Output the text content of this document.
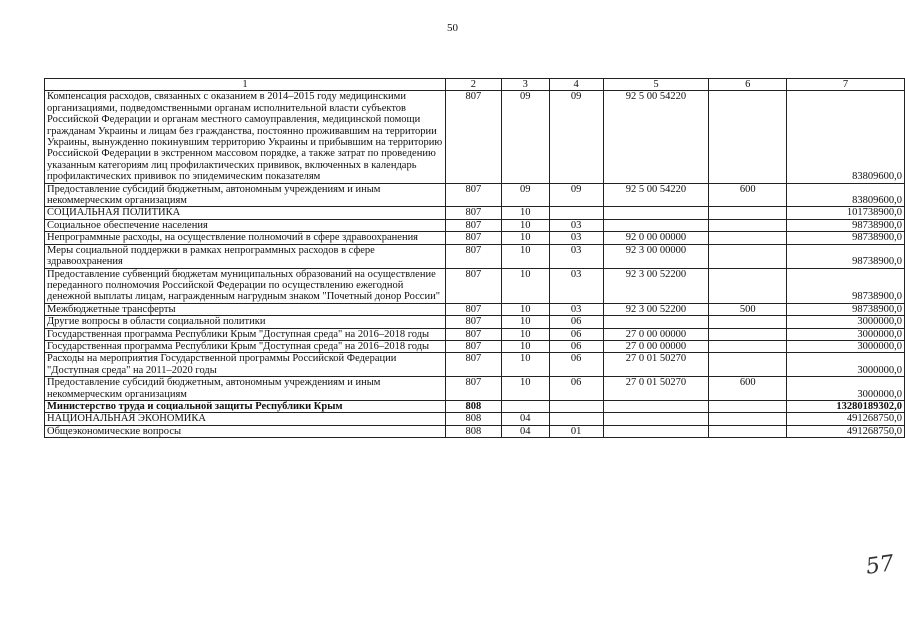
50
1	2	3	4	5	6	7
Компенсация расходов, связанных с оказанием в 2014–2015 году медицинскими организациями, подведомственными органам исполнительной власти субъектов Российской Федерации и органам местного самоуправления, медицинской помощи гражданам Украины и лицам без гражданства, постоянно проживавшим на территории Украины, вынужденно покинувшим территорию Украины и прибывшим на территорию Российской Федерации в экстренном массовом порядке, а также затрат по проведению указанным категориям лиц профилактических прививок, включенных в календарь профилактических прививок по эпидемическим показателям	807	09	09	92 5 00 54220		83809600,0
Предоставление субсидий бюджетным, автономным учреждениям и иным некоммерческим организациям	807	09	09	92 5 00 54220	600	83809600,0
СОЦИАЛЬНАЯ ПОЛИТИКА	807	10				101738900,0
Социальное обеспечение населения	807	10	03			98738900,0
Непрограммные расходы, на осуществление полномочий в сфере здравоохранения	807	10	03	92 0 00 00000		98738900,0
Меры социальной поддержки в рамках непрограммных расходов в сфере здравоохранения	807	10	03	92 3 00 00000		98738900,0
Предоставление субвенций бюджетам муниципальных образований на осуществление переданного полномочия Российской Федерации по осуществлению ежегодной денежной выплаты лицам, награжденным нагрудным знаком "Почетный донор России"	807	10	03	92 3 00 52200		98738900,0
Межбюджетные трансферты	807	10	03	92 3 00 52200	500	98738900,0
Другие вопросы в области социальной политики	807	10	06			3000000,0
Государственная программа Республики Крым "Доступная среда" на 2016–2018 годы	807	10	06	27 0 00 00000		3000000,0
Государственная программа Республики Крым "Доступная среда" на 2016–2018 годы	807	10	06	27 0 00 00000		3000000,0
Расходы на мероприятия Государственной программы Российской Федерации "Доступная среда" на 2011–2020 годы	807	10	06	27 0 01 50270		3000000,0
Предоставление субсидий бюджетным, автономным учреждениям и иным некоммерческим организациям	807	10	06	27 0 01 50270	600	3000000,0
Министерство труда и социальной защиты Республики Крым	808					13280189302,0
НАЦИОНАЛЬНАЯ ЭКОНОМИКА	808	04				491268750,0
Общеэкономические вопросы	808	04	01			491268750,0
57
